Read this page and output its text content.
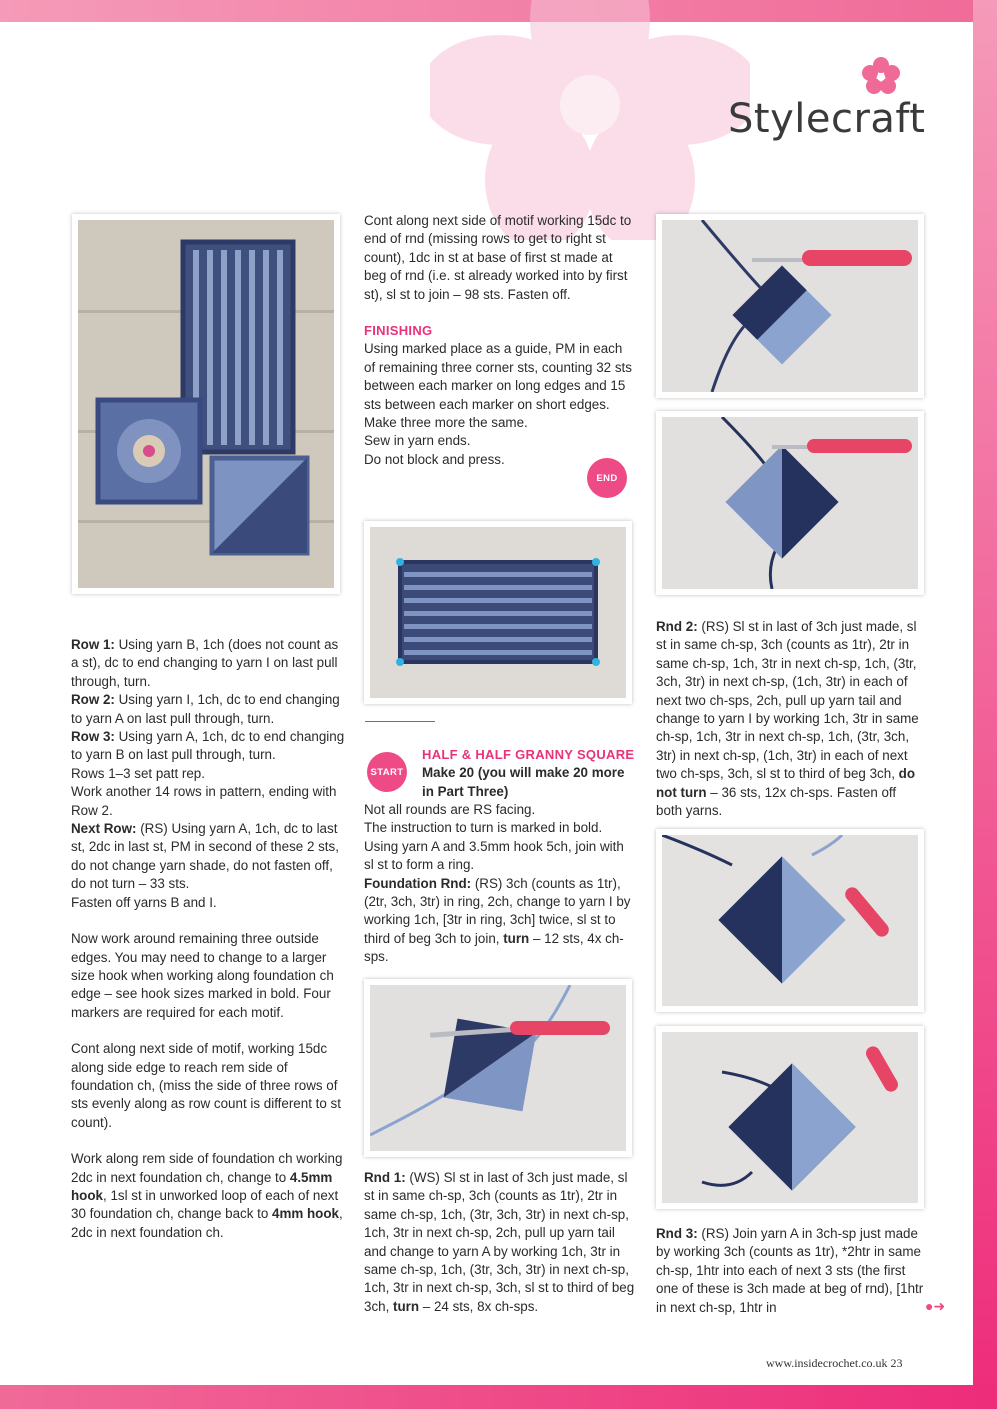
Stylecraft

Row 1: Using yarn B, 1ch (does not count as a st), dc to end changing to yarn I on last pull through, turn.

Row 2: Using yarn I, 1ch, dc to end changing to yarn A on last pull through, turn.

Row 3: Using yarn A, 1ch, dc to end changing to yarn B on last pull through, turn.

Rows 1–3 set patt rep.

Work another 14 rows in pattern, ending with Row 2.

Next Row: (RS) Using yarn A, 1ch, dc to last st, 2dc in last st, PM in second of these 2 sts, do not change yarn shade, do not fasten off, do not turn – 33 sts.

Fasten off yarns B and I.

Now work around remaining three outside edges. You may need to change to a larger size hook when working along foundation ch edge – see hook sizes marked in bold. Four markers are required for each motif.

Cont along next side of motif, working 15dc along side edge to reach rem side of foundation ch, (miss the side of three rows of sts evenly along as row count is different to st count).

Work along rem side of foundation ch working 2dc in next foundation ch, change to 4.5mm hook, 1sl st in unworked loop of each of next 30 foundation ch, change back to 4mm hook, 2dc in next foundation ch.

Cont along next side of motif working 15dc to end of rnd (missing rows to get to right st count), 1dc in st at base of first st made at beg of rnd (i.e. st already worked into by first st), sl st to join – 98 sts. Fasten off.

FINISHING

Using marked place as a guide, PM in each of remaining three corner sts, counting 32 sts between each marker on long edges and 15 sts between each marker on short edges.

Make three more the same.

Sew in yarn ends.

Do not block and press.

END
START

HALF & HALF GRANNY SQUARE

Make 20 (you will make 20 more in Part Three)

Not all rounds are RS facing.

The instruction to turn is marked in bold.

Using yarn A and 3.5mm hook 5ch, join with sl st to form a ring.

Foundation Rnd: (RS) 3ch (counts as 1tr), (2tr, 3ch, 3tr) in ring, 2ch, change to yarn I by working 1ch, [3tr in ring, 3ch] twice, sl st to third of beg 3ch to join, turn – 12 sts, 4x ch-sps.

Rnd 1: (WS) Sl st in last of 3ch just made, sl st in same ch-sp, 3ch (counts as 1tr), 2tr in same ch-sp, 1ch, (3tr, 3ch, 3tr) in next ch-sp, 1ch, 3tr in next ch-sp, 2ch, pull up yarn tail and change to yarn A by working 1ch, 3tr in same ch-sp, 1ch, (3tr, 3ch, 3tr) in next ch-sp, 1ch, 3tr in next ch-sp, 3ch, sl st to third of beg 3ch, turn – 24 sts, 8x ch-sps.

Rnd 2: (RS) Sl st in last of 3ch just made, sl st in same ch-sp, 3ch (counts as 1tr), 2tr in same ch-sp, 1ch, 3tr in next ch-sp, 1ch, (3tr, 3ch, 3tr) in next ch-sp, (1ch, 3tr) in each of next two ch-sps, 2ch, pull up yarn tail and change to yarn I by working 1ch, 3tr in same ch-sp, 1ch, 3tr in next ch-sp, 1ch, (3tr, 3ch, 3tr) in next ch-sp, (1ch, 3tr) in each of next two ch-sps, 3ch, sl st to third of beg 3ch, do not turn – 36 sts, 12x ch-sps. Fasten off both yarns.

Rnd 3: (RS) Join yarn A in 3ch-sp just made by working 3ch (counts as 1tr), *2htr in same ch-sp, 1htr into each of next 3 sts (the first one of these is 3ch made at beg of rnd), [1htr in next ch-sp, 1htr in	●➜
www.insidecrochet.co.uk 23
